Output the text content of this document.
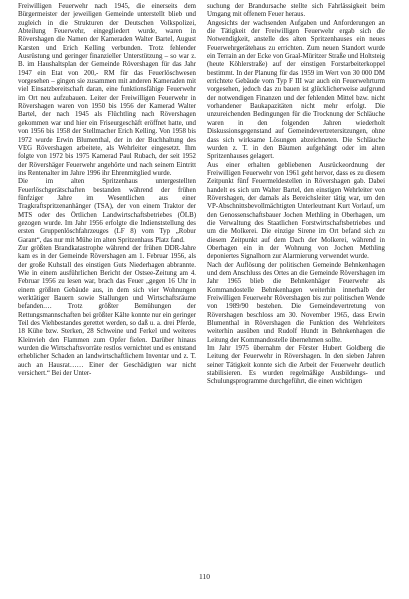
Freiwilligen Feuerwehr nach 1945, die einerseits dem Bürgermeister der jeweiligen Gemeinde unterstellt blieb und zugleich in die Strukturen der Deutschen Volkspolizei, Abteilung Feuerwehr, eingegliedert wurde, waren in Rövershagen die Namen der Kameraden Walter Bartel, August Karsten und Erich Kelling verbunden. Trotz fehlender Ausrüstung und geringer finanzieller Unterstützung – so war z. B. im Haushaltsplan der Gemeinde Rövershagen für das Jahr 1947 ein Etat von 200,- RM für das Feuerlöschwesen vorgesehen – gingen sie zusammen mit anderen Kameraden mit viel Einsatzbereitschaft daran, eine funktionsfähige Feuerwehr im Ort neu aufzubauen. Leiter der Freiwilligen Feuerwehr in Rövershagen waren von 1950 bis 1956 der Kamerad Walter Bartel, der nach 1945 als Flüchtling nach Rövershagen gekommen war und hier ein Friseurgeschäft eröffnet hatte, und von 1956 bis 1958 der Stellmacher Erich Kelling. Von 1958 bis 1972 wurde Erwin Blumenthal, der in der Buchhaltung des VEG Rövershagen arbeitete, als Wehrleiter eingesetzt. Ihm folgte von 1972 bis 1975 Kamerad Paul Rubach, der seit 1952 der Rövershäger Feuerwehr angehörte und nach seinem Eintritt ins Rentenalter im Jahre 1996 ihr Ehrenmitglied wurde.

Die im alten Spritzenhaus untergestellten Feuerlöschgerätschaften bestanden während der frühen fünfziger Jahre im Wesentlichen aus einer Tragkraftspritzenanhänger (TSA), der von einem Traktor der MTS oder des Örtlichen Landwirtschaftsbetriebes (ÖLB) gezogen wurde. Im Jahr 1956 erfolgte die Indienststellung des ersten Gruppenlöschfahrzeuges (LF 8) vom Typ „Robur Garant“, das nur mit Mühe im alten Spritzenhaus Platz fand.

Zur größten Brandkatastrophe während der frühen DDR-Jahre kam es in der Gemeinde Rövershagen am 1. Februar 1956, als der große Kuhstall des einstigen Guts Niederhagen abbrannte. Wie in einem ausführlichen Bericht der Ostsee-Zeitung am 4. Februar 1956 zu lesen war, brach das Feuer „gegen 16 Uhr in einem größten Gebäude aus, in dem sich vier Wohnungen werktätiger Bauern sowie Stallungen und Wirtschaftsräume befanden.… Trotz größter Bemühungen der Rettungsmannschaften bei größter Kälte konnte nur ein geringer Teil des Viehbestandes gerettet werden, so daß u. a. drei Pferde, 18 Kühe bzw. Sterken, 28 Schweine und Ferkel und weiteres Kleinvieh den Flammen zum Opfer fielen. Darüber hinaus wurden die Wirtschaftsvorräte restlos vernichtet und es entstand erheblicher Schaden an landwirtschaftlichem Inventar und z. T. auch an Hausrat…… Einer der Geschädigten war nicht versichert.“ Bei der Unter-

suchung der Brandursache stellte sich Fahrlässigkeit beim Umgang mit offenem Feuer heraus.

Angesichts der wachsenden Aufgaben und Anforderungen an die Tätigkeit der Freiwilligen Feuerwehr ergab sich die Notwendigkeit, anstelle des alten Spritzenhauses ein neues Feuerwehrgerätehaus zu errichten. Zum neuen Standort wurde ein Terrain an der Ecke von Graal-Müritzer Straße und Holtsteig (heute Köhlerstraße) auf der einstigen Forstarbeiterkoppel bestimmt. In der Planung für das 1959 im Wert von 30 000 DM errichtete Gebäude vom Typ F III war auch ein Feuerwehrturm vorgesehen, jedoch das zu bauen ist glücklicherweise aufgrund der notwendigen Finanzen und der fehlenden Mittel bzw. nicht vorhandener Baukapazitäten nicht mehr erfolgt. Die unzureichenden Bedingungen für die Trocknung der Schläuche waren in den folgenden Jahren wiederholt Diskussionsgegenstand auf Gemeindevertretersitzungen, ohne dass sich wirksame Lösungen abzeichneten. Die Schläuche wurden z. T. in den Bäumen aufgehängt oder im alten Spritzenhauses gelagert.

Aus einer erhalten gebliebenen Ausrückeordnung der Freiwilligen Feuerwehr von 1961 geht hervor, dass es zu diesem Zeitpunkt fünf Feuermeldestellen in Rövershagen gab. Dabei handelt es sich um Walter Bartel, den einstigen Wehrleiter von Rövershagen, der damals als Bereichsleiter tätig war, um den VP-Abschnittsbevollmächtigten Unterleutnant Kurt Vorlauf, um den Genossenschaftsbauer Jochen Methling in Oberhagen, um die Verwaltung des Staatlichen Forstwirtschaftsbetriebes und um die Molkerei. Die einzige Sirene im Ort befand sich zu diesem Zeitpunkt auf dem Dach der Molkerei, während in Oberhagen ein in der Wohnung von Jochen Methling deponiertes Signalhorn zur Alarmierung verwendet wurde.

Nach der Auflösung der politischen Gemeinde Behnkenhagen und dem Anschluss des Ortes an die Gemeinde Rövershagen im Jahr 1965 blieb die Behnkenhäger Feuerwehr als Kommandostelle Behnkenhagen weiterhin innerhalb der Freiwilligen Feuerwehr Rövershagen bis zur politischen Wende von 1989/90 bestehen. Die Gemeindevertretung von Rövershagen beschloss am 30. November 1965, dass Erwin Blumenthal in Rövershagen die Funktion des Wehrleiters weiterhin ausüben und Rudolf Hundt in Behnkenhagen die Leitung der Kommandostelle übernehmen sollte.

Im Jahr 1975 übernahm der Förster Hubert Goldberg die Leitung der Feuerwehr in Rövershagen. In den sieben Jahren seiner Tätigkeit konnte sich die Arbeit der Feuerwehr deutlich stabilisieren. Es wurden regelmäßige Ausbildungs- und Schulungsprogramme durchgeführt, die einen wichtigen

110
